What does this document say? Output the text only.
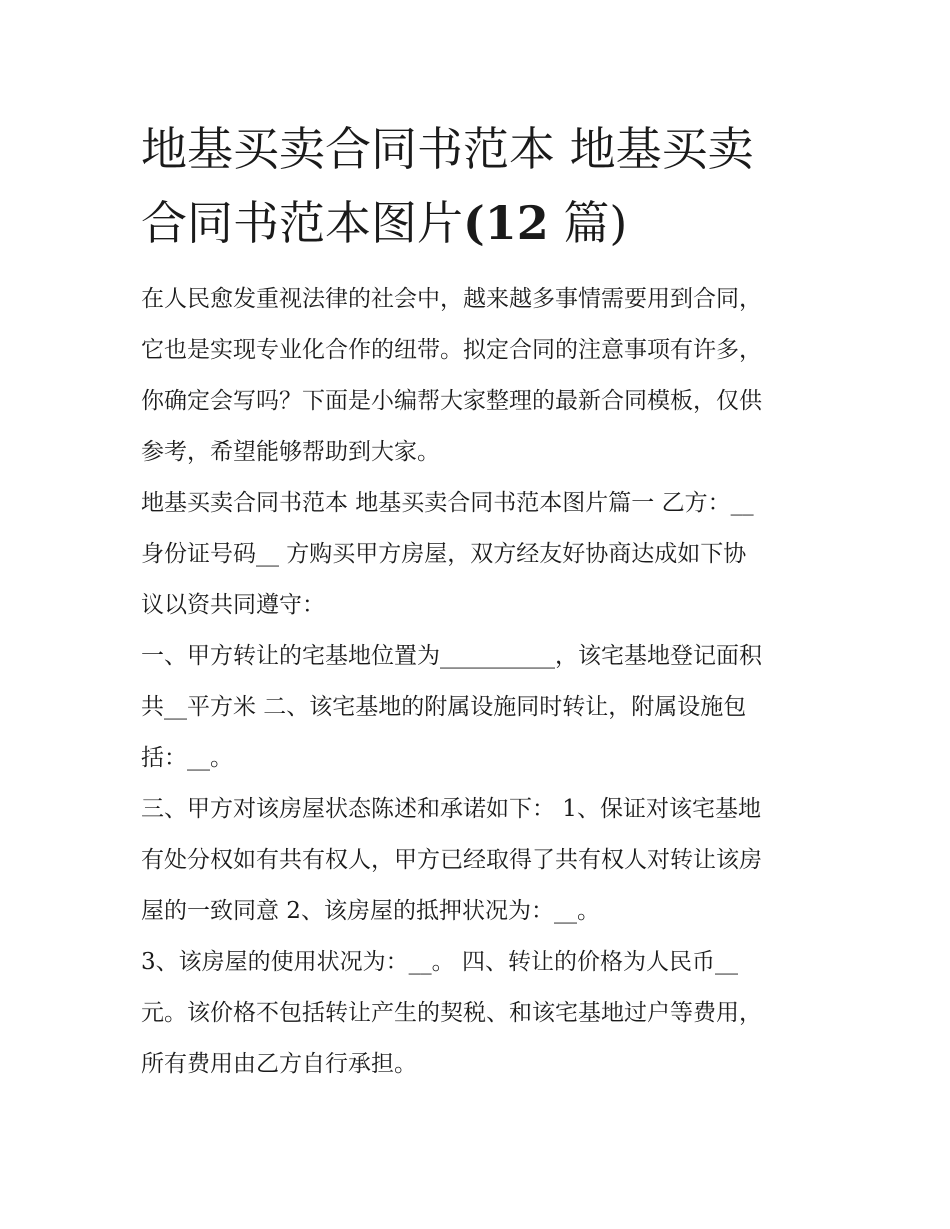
地基买卖合同书范本 地基买卖
合同书范本图片(12 篇)
在人民愈发重视法律的社会中，越来越多事情需要用到合同，
它也是实现专业化合作的纽带。拟定合同的注意事项有许多，
你确定会写吗？下面是小编帮大家整理的最新合同模板，仅供
参考，希望能够帮助到大家。
地基买卖合同书范本 地基买卖合同书范本图片篇一 乙方：__
身份证号码__ 方购买甲方房屋，双方经友好协商达成如下协
议以资共同遵守：
一、甲方转让的宅基地位置为__________，该宅基地登记面积
共__平方米 二、该宅基地的附属设施同时转让，附属设施包
括：__。
三、甲方对该房屋状态陈述和承诺如下： 1、保证对该宅基地
有处分权如有共有权人，甲方已经取得了共有权人对转让该房
屋的一致同意 2、该房屋的抵押状况为：__。
3、该房屋的使用状况为：__。 四、转让的价格为人民币__
元。该价格不包括转让产生的契税、和该宅基地过户等费用，
所有费用由乙方自行承担。
